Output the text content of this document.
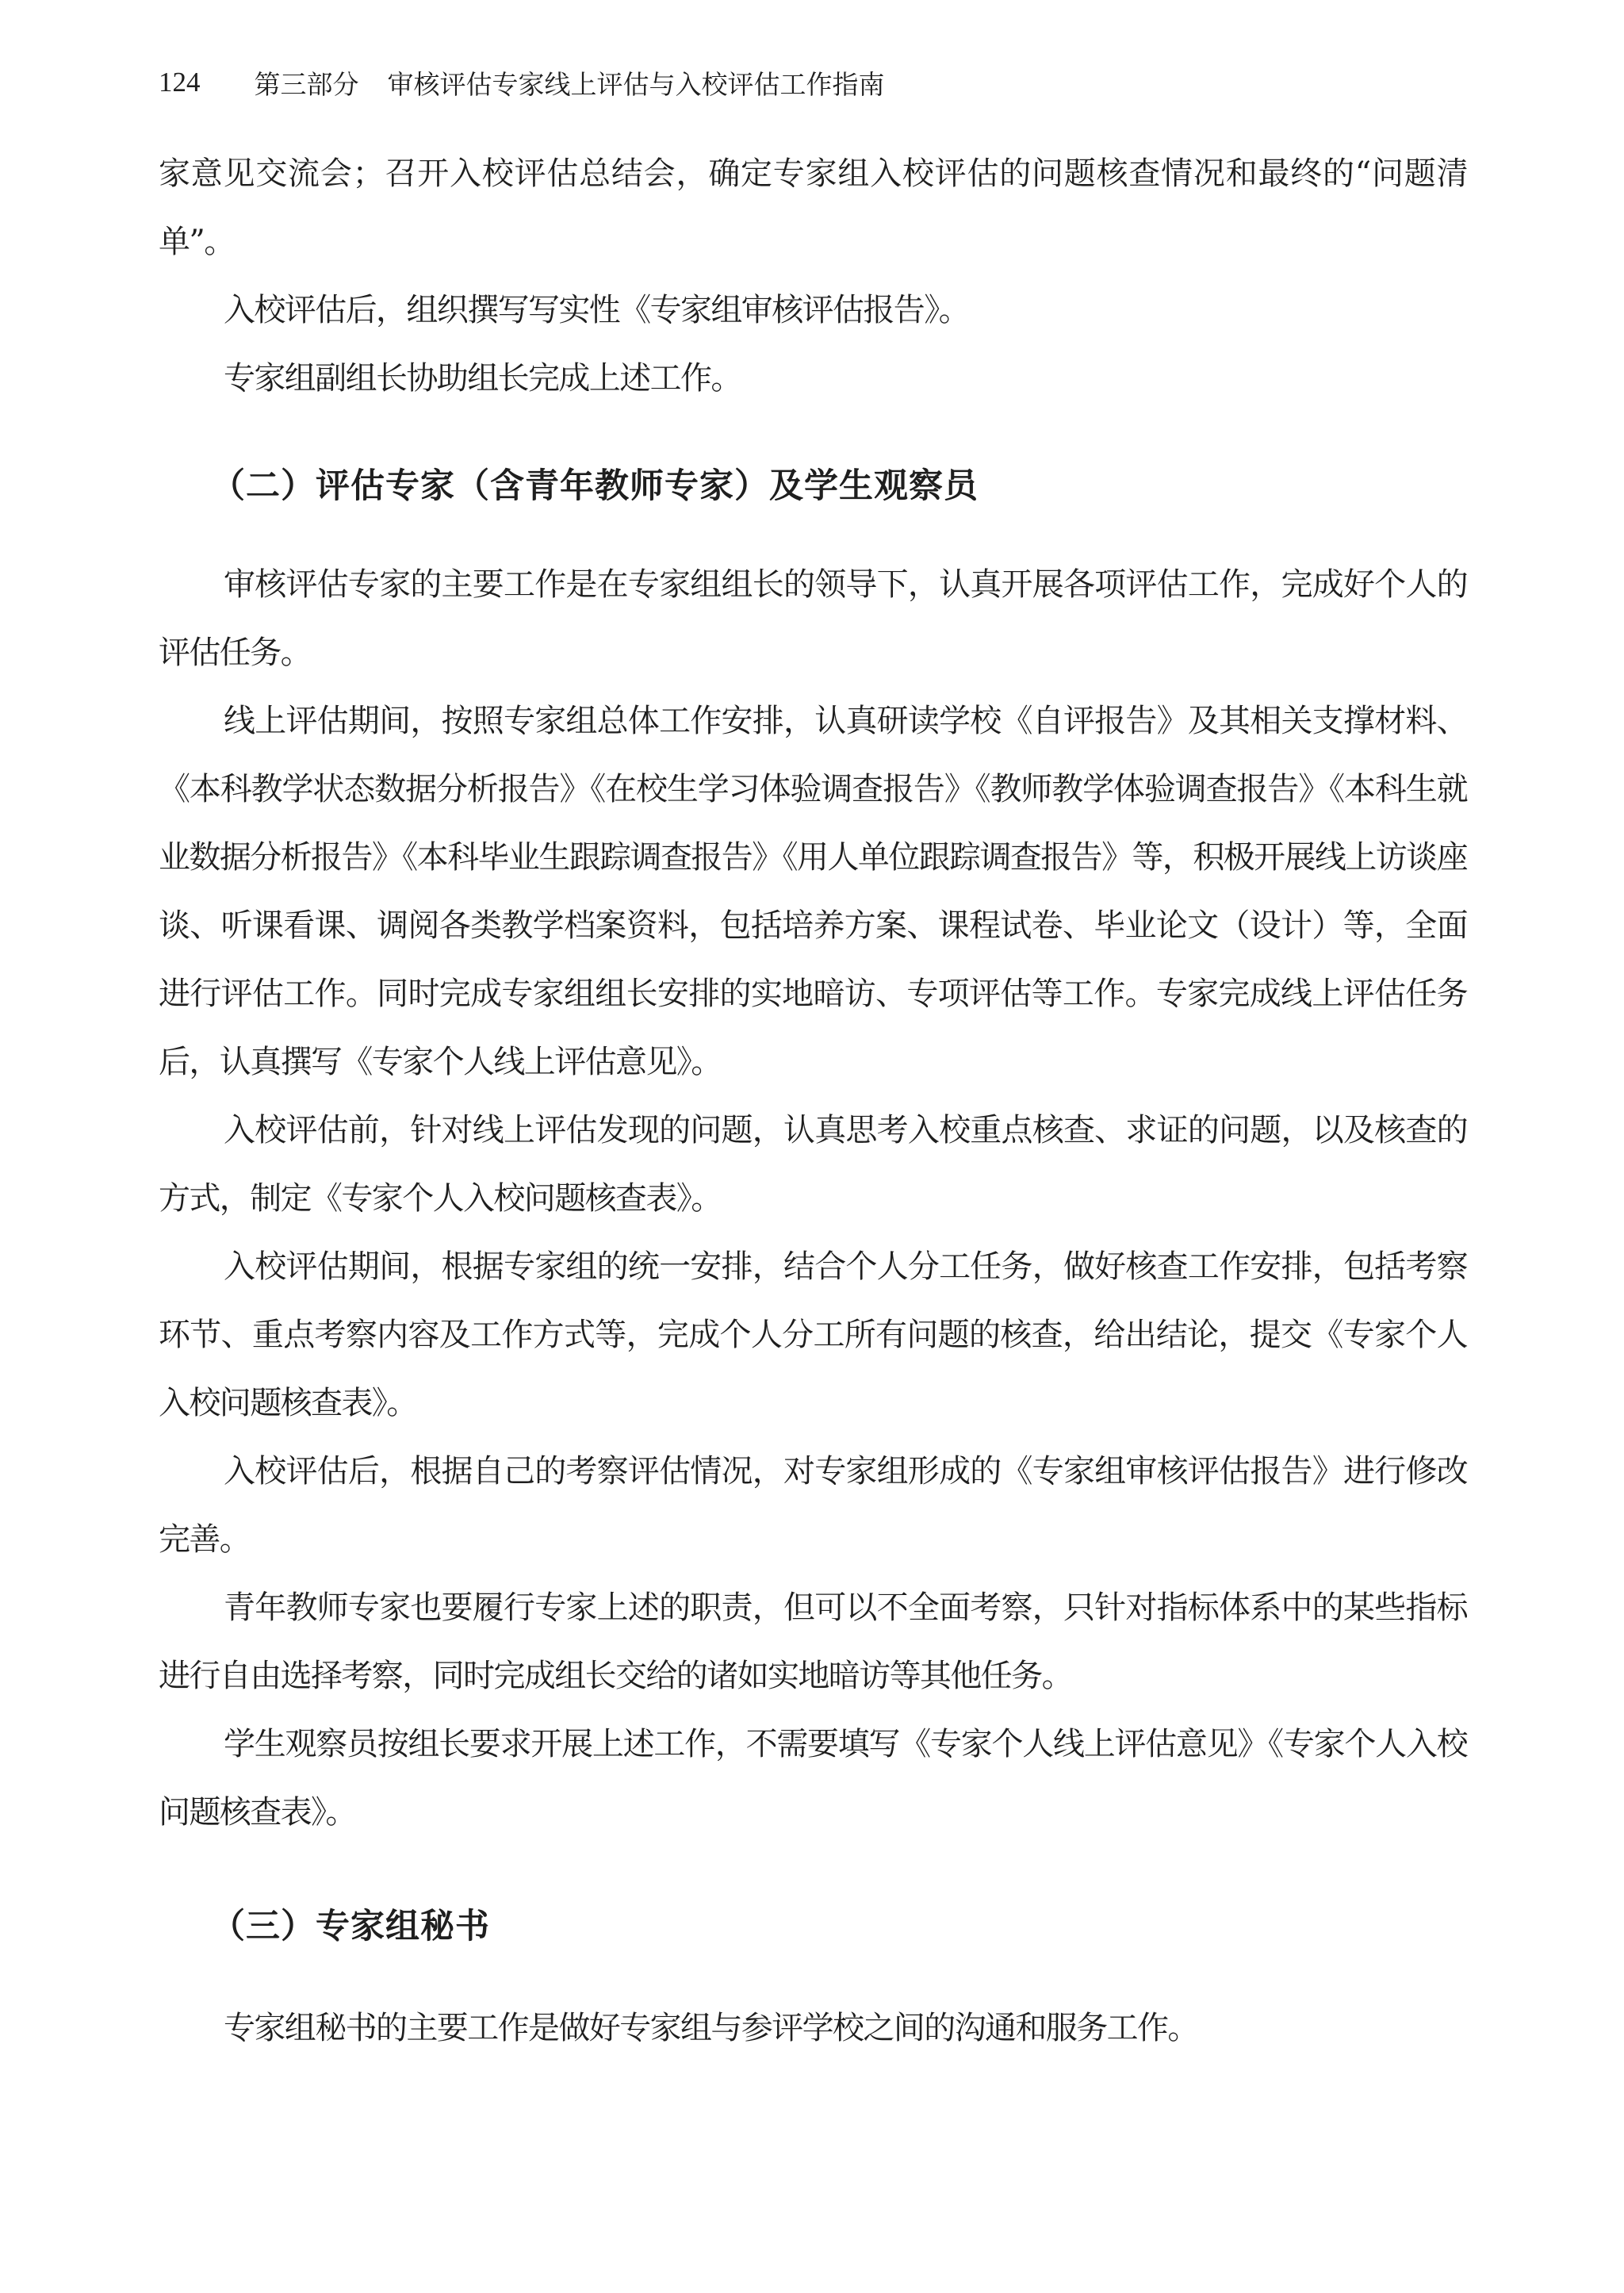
124 第三部分 审核评估专家线上评估与入校评估工作指南

家意见交流会；召开入校评估总结会，确定专家组入校评估的问题核查情况和最终的“问题清单”。

入校评估后，组织撰写写实性《专家组审核评估报告》。

专家组副组长协助组长完成上述工作。

（二）评估专家（含青年教师专家）及学生观察员

审核评估专家的主要工作是在专家组组长的领导下，认真开展各项评估工作，完成好个人的评估任务。

线上评估期间，按照专家组总体工作安排，认真研读学校《自评报告》及其相关支撑材料、《本科教学状态数据分析报告》《在校生学习体验调查报告》《教师教学体验调查报告》《本科生就业数据分析报告》《本科毕业生跟踪调查报告》《用人单位跟踪调查报告》等，积极开展线上访谈座谈、听课看课、调阅各类教学档案资料，包括培养方案、课程试卷、毕业论文（设计）等，全面进行评估工作。同时完成专家组组长安排的实地暗访、专项评估等工作。专家完成线上评估任务后，认真撰写《专家个人线上评估意见》。

入校评估前，针对线上评估发现的问题，认真思考入校重点核查、求证的问题，以及核查的方式，制定《专家个人入校问题核查表》。

入校评估期间，根据专家组的统一安排，结合个人分工任务，做好核查工作安排，包括考察环节、重点考察内容及工作方式等，完成个人分工所有问题的核查，给出结论，提交《专家个人入校问题核查表》。

入校评估后，根据自己的考察评估情况，对专家组形成的《专家组审核评估报告》进行修改完善。

青年教师专家也要履行专家上述的职责，但可以不全面考察，只针对指标体系中的某些指标进行自由选择考察，同时完成组长交给的诸如实地暗访等其他任务。

学生观察员按组长要求开展上述工作，不需要填写《专家个人线上评估意见》《专家个人入校问题核查表》。

（三）专家组秘书

专家组秘书的主要工作是做好专家组与参评学校之间的沟通和服务工作。
